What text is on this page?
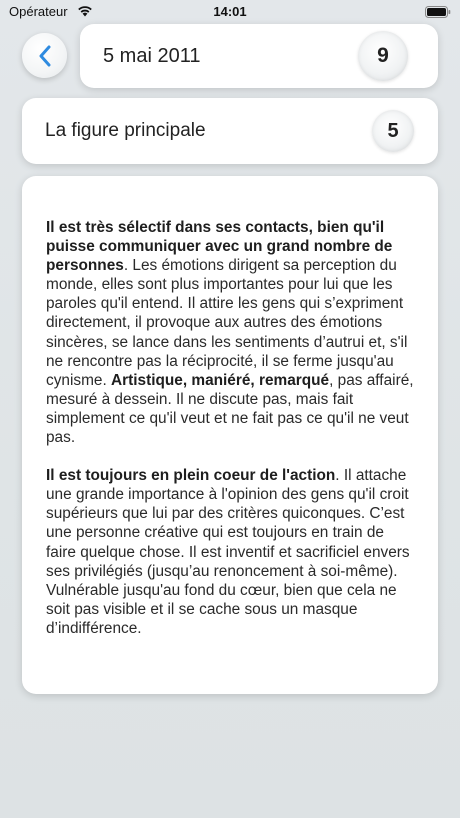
Opérateur	14:01
5 mai 2011	9
La figure principale	5

Il est très sélectif dans ses contacts, bien qu'il puisse communiquer avec un grand nombre de personnes. Les émotions dirigent sa perception du monde, elles sont plus importantes pour lui que les paroles qu'il entend. Il attire les gens qui s’expriment directement, il provoque aux autres des émotions sincères, se lance dans les sentiments d’autrui et, s'il ne rencontre pas la réciprocité, il se ferme jusqu'au cynisme. Artistique, maniéré, remarqué, pas affairé, mesuré à dessein. Il ne discute pas, mais fait simplement ce qu'il veut et ne fait pas ce qu'il ne veut pas.

Il est toujours en plein coeur de l'action. Il attache une grande importance à l'opinion des gens qu'il croit supérieurs que lui par des critères quiconques. C’est une personne créative qui est toujours en train de faire quelque chose. Il est inventif et sacrificiel envers ses privilégiés (jusqu’au renoncement à soi-même). Vulnérable jusqu'au fond du cœur, bien que cela ne soit pas visible et il se cache sous un masque d’indifférence.
